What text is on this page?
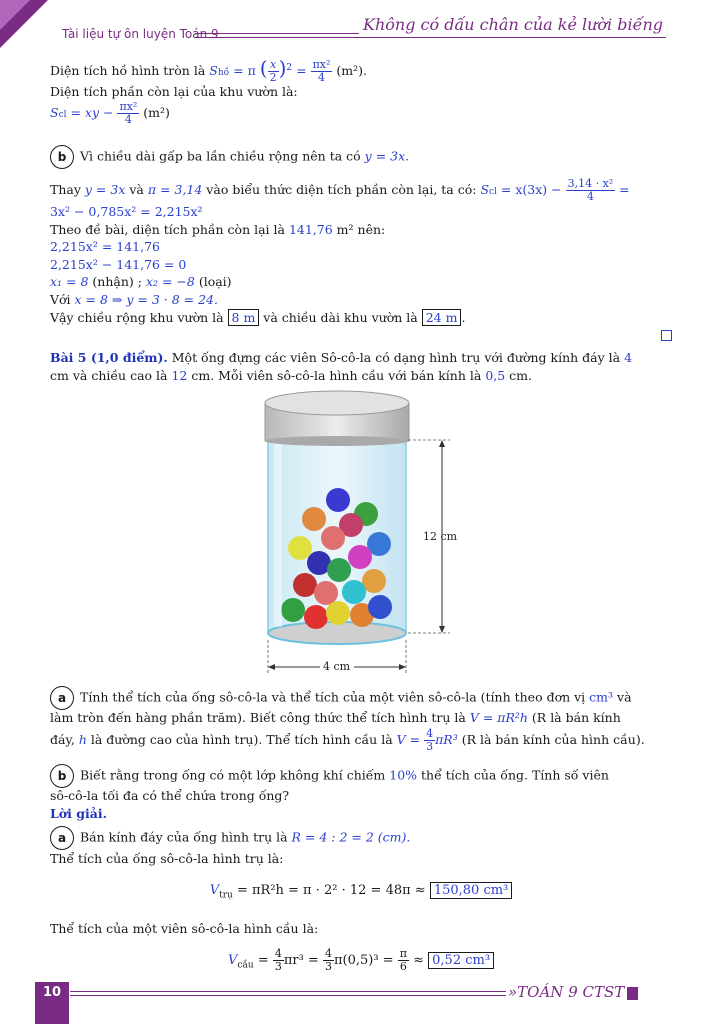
Tài liệu tự ôn luyện Toán 9	Không có dấu chân của kẻ lười biếng
Diện tích hồ hình tròn là Shồ = π ( $\frac{x}{2} )^2 = \frac{\text{πx²}}{4} (m^2)$.
Diện tích phần còn lại của khu vườn là:
Scl = xy − $\frac{\text{πx²}}{4} (m^2)$
b Vì chiều dài gấp ba lần chiều rộng nên ta có y = 3x.
Thay y = 3x và π = 3,14 vào biểu thức diện tích phần còn lại, ta có: Scl = $x(3x) - \frac{\text{3,14 · x²}}{4}$ =
3x² − 0,785x² = 2,215x²
Theo đề bài, diện tích phần còn lại là 141,76 m² nên:
2,215x² = 141,76
2,215x² − 141,76 = 0
x₁ = 8 (nhận) ; x₂ = −8 (loại)
Với x = 8 ⇒ y = 3 · 8 = 24.
Vậy chiều rộng khu vườn là 8 m và chiều dài khu vườn là 24 m .
Bài 5 (1,0 điểm). Một ống đựng các viên Sô-cô-la có dạng hình trụ với đường kính đáy là 4
cm và chiều cao là 12 cm. Mỗi viên sô-cô-la hình cầu với bán kính là 0,5 cm.
12 cm
4 cm
a Tính thể tích của ống sô-cô-la và thể tích của một viên sô-cô-la (tính theo đơn vị cm³ và
làm tròn đến hàng phần trăm). Biết công thức thể tích hình trụ là V = πR²h (R là bán kính
đáy, h là đường cao của hình trụ). Thể tích hình cầu là $V = \frac{4}{3} \pi R^3$ (R là bán kính của hình cầu).
b Biết rằng trong ống có một lớp không khí chiếm 10% thể tích của ống. Tính số viên
sô-cô-la tối đa có thể chứa trong ống?
Lời giải.
a Bán kính đáy của ống hình trụ là R = 4 : 2 = 2 (cm).
Thể tích của ống sô-cô-la hình trụ là:
$V_{trụ} = \pi R^2h = \pi \cdot 2^2 \cdot 12 = 48\pi \approx 150,80$ cm³
Thể tích của một viên sô-cô-la hình cầu là:
$V_{cầu} = \frac{4}{3} \pi r^3 = \frac{4}{3} \pi(0,5)^3 = \frac{\pi}{6} \approx 0,52$ cm³
10	»TOÁN 9 CTST
